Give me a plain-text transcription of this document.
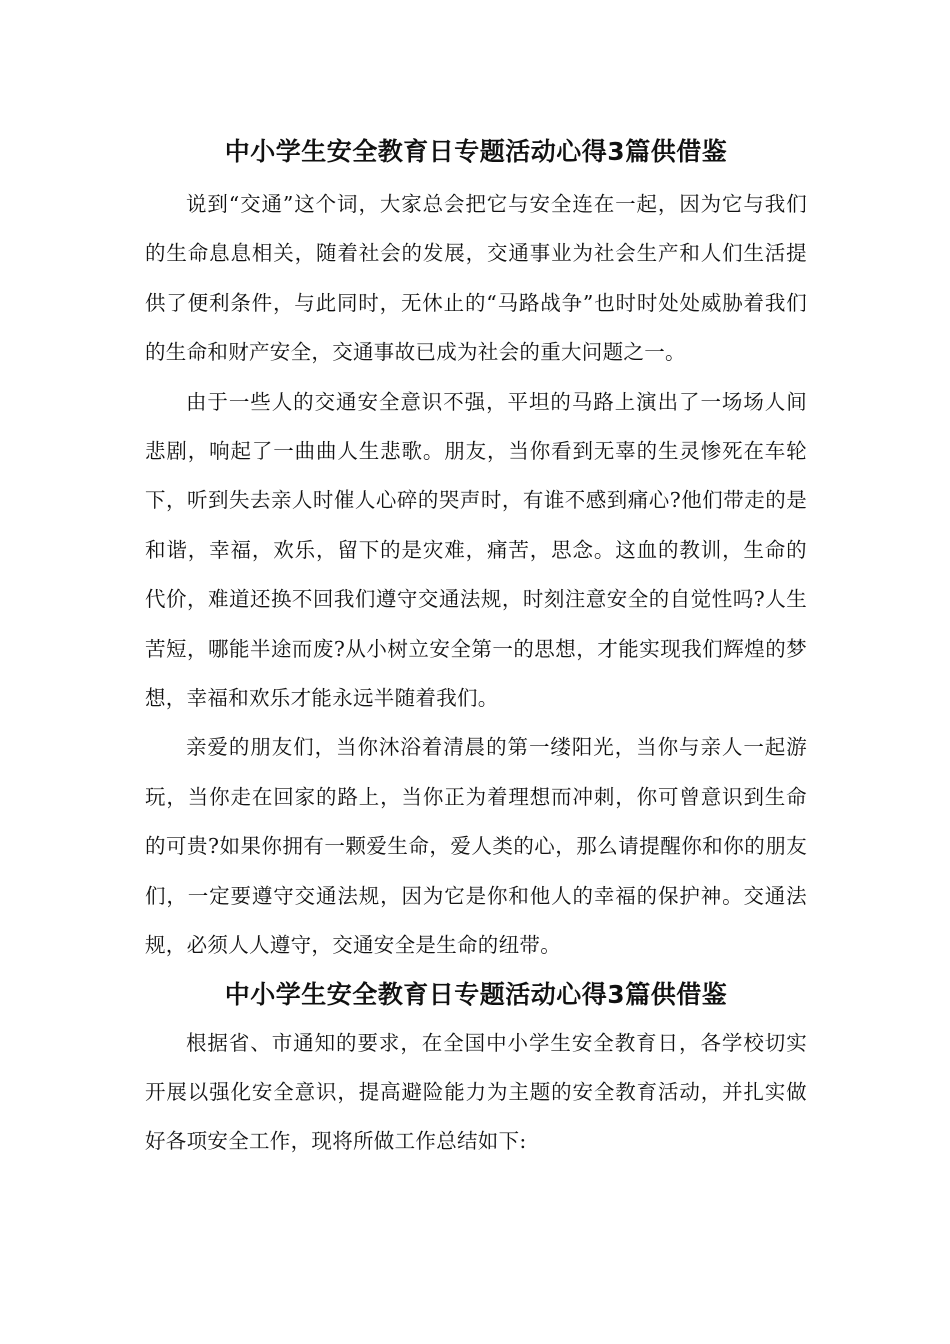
中小学生安全教育日专题活动心得3篇供借鉴

说到“交通”这个词，大家总会把它与安全连在一起，因为它与我们的生命息息相关，随着社会的发展，交通事业为社会生产和人们生活提供了便利条件，与此同时，无休止的“马路战争”也时时处处威胁着我们的生命和财产安全，交通事故已成为社会的重大问题之一。

由于一些人的交通安全意识不强，平坦的马路上演出了一场场人间悲剧，响起了一曲曲人生悲歌。朋友，当你看到无辜的生灵惨死在车轮下，听到失去亲人时催人心碎的哭声时，有谁不感到痛心?他们带走的是和谐，幸福，欢乐，留下的是灾难，痛苦，思念。这血的教训，生命的代价，难道还换不回我们遵守交通法规，时刻注意安全的自觉性吗?人生苦短，哪能半途而废?从小树立安全第一的思想，才能实现我们辉煌的梦想，幸福和欢乐才能永远半随着我们。

亲爱的朋友们，当你沐浴着清晨的第一缕阳光，当你与亲人一起游玩，当你走在回家的路上，当你正为着理想而冲刺，你可曾意识到生命的可贵?如果你拥有一颗爱生命，爱人类的心，那么请提醒你和你的朋友们，一定要遵守交通法规，因为它是你和他人的幸福的保护神。交通法规，必须人人遵守，交通安全是生命的纽带。

中小学生安全教育日专题活动心得3篇供借鉴

根据省、市通知的要求，在全国中小学生安全教育日，各学校切实开展以强化安全意识，提高避险能力为主题的安全教育活动，并扎实做好各项安全工作，现将所做工作总结如下:
